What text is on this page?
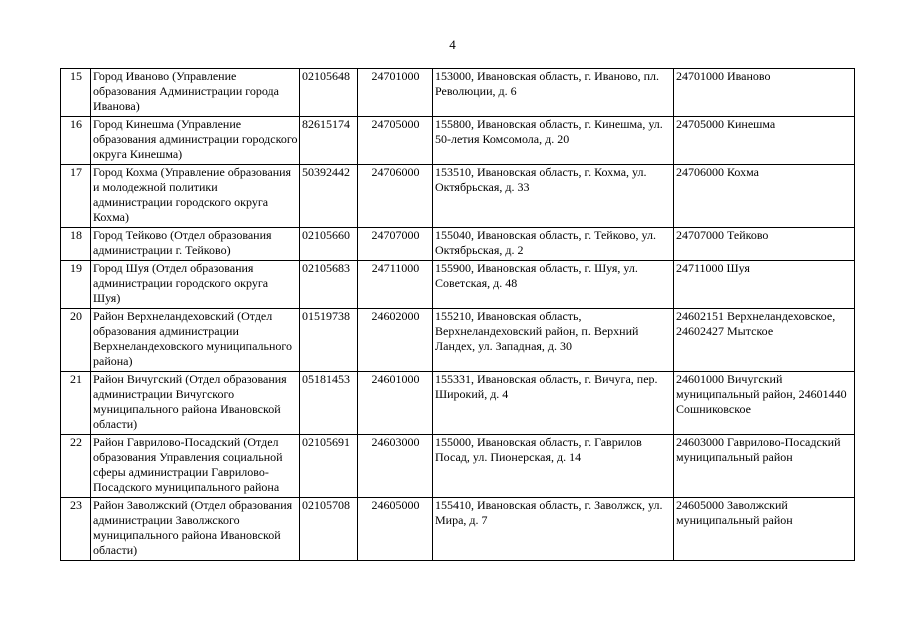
4
15	Город Иваново (Управление образования Администрации города Иванова)	02105648	24701000	153000, Ивановская область, г. Иваново, пл. Революции, д. 6	24701000 Иваново
16	Город Кинешма (Управление образования администрации городского округа Кинешма)	82615174	24705000	155800, Ивановская область, г. Кинешма, ул. 50-летия Комсомола, д. 20	24705000 Кинешма
17	Город Кохма (Управление образования и молодежной политики администрации городского округа Кохма)	50392442	24706000	153510, Ивановская область, г. Кохма, ул. Октябрьская, д. 33	24706000 Кохма
18	Город Тейково (Отдел образования администрации г. Тейково)	02105660	24707000	155040, Ивановская область, г. Тейково, ул. Октябрьская, д. 2	24707000 Тейково
19	Город Шуя (Отдел образования администрации городского округа Шуя)	02105683	24711000	155900, Ивановская область, г. Шуя, ул. Советская, д. 48	24711000 Шуя
20	Район Верхнеландеховский (Отдел образования администрации Верхнеландеховского муниципального района)	01519738	24602000	155210, Ивановская область, Верхнеландеховский район, п. Верхний Ландех, ул. Западная, д. 30	24602151 Верхнеландеховское, 24602427 Мытское
21	Район Вичугский (Отдел образования администрации Вичугского муниципального района Ивановской области)	05181453	24601000	155331, Ивановская область, г. Вичуга, пер. Широкий, д. 4	24601000 Вичугский муниципальный район, 24601440 Сошниковское
22	Район Гаврилово-Посадский (Отдел образования Управления социальной сферы администрации Гаврилово-Посадского муниципального района	02105691	24603000	155000, Ивановская область, г. Гаврилов Посад, ул. Пионерская, д. 14	24603000 Гаврилово-Посадский муниципальный район
23	Район Заволжский (Отдел образования администрации Заволжского муниципального района Ивановской области)	02105708	24605000	155410, Ивановская область, г. Заволжск, ул. Мира, д. 7	24605000 Заволжский муниципальный район
